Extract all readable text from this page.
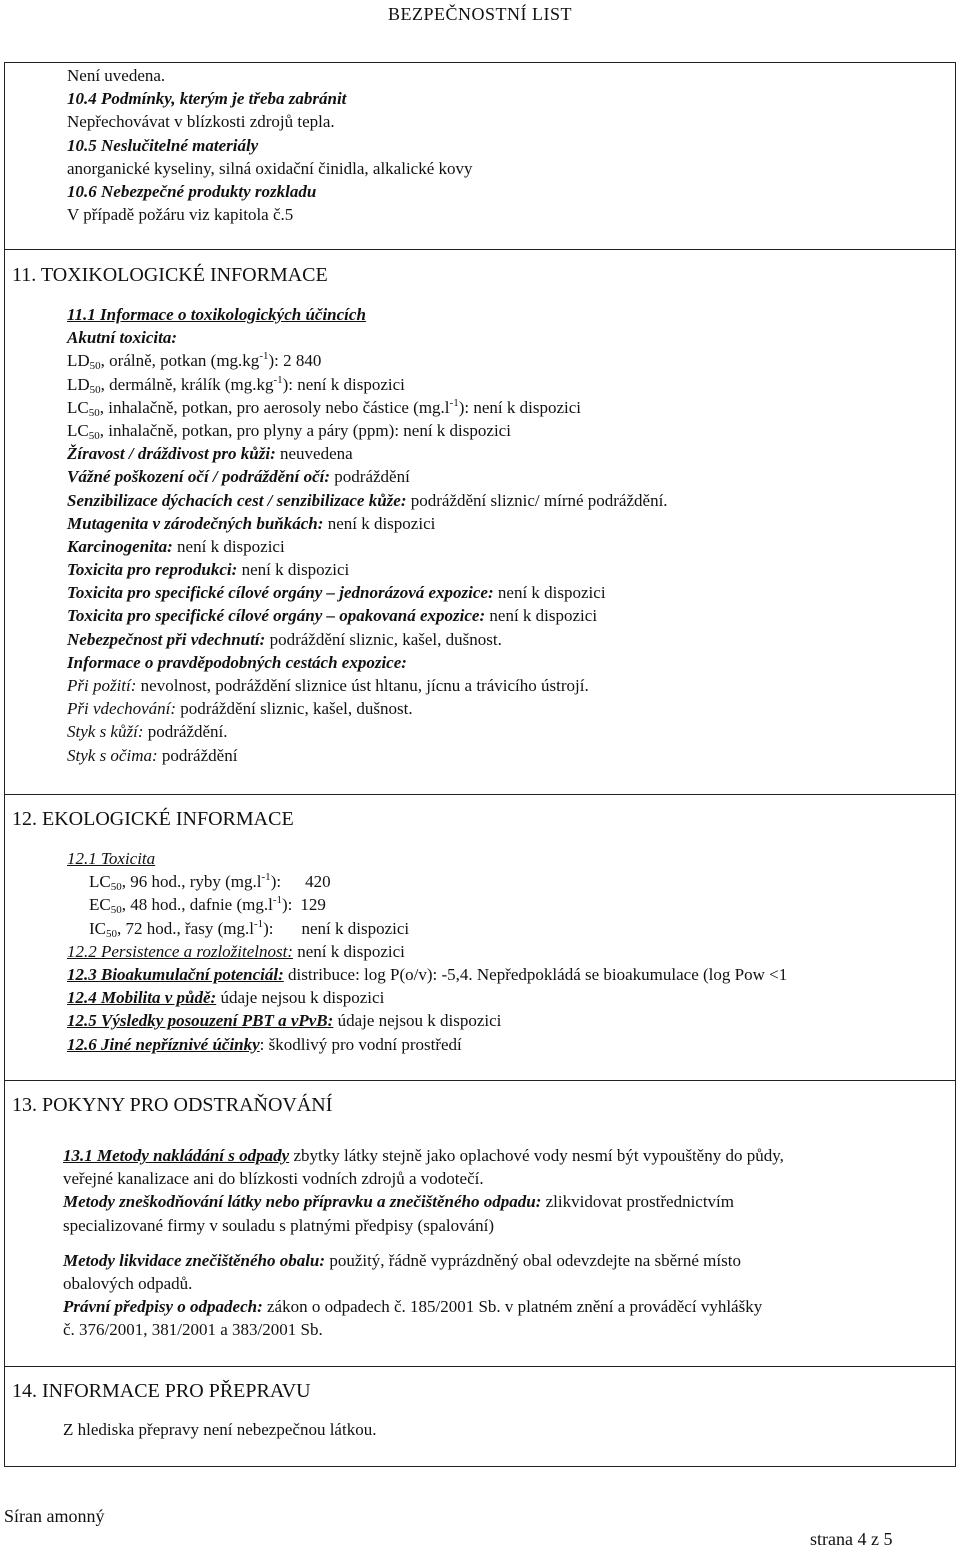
BEZPEČNOSTNÍ LIST
Není uvedena.
10.4 Podmínky, kterým je třeba zabránit
Nepřechovávat v blízkosti zdrojů tepla.
10.5 Neslučitelné materiály
anorganické kyseliny, silná oxidační činidla, alkalické kovy
10.6 Nebezpečné produkty rozkladu
V případě požáru viz kapitola č.5
11. TOXIKOLOGICKÉ INFORMACE
11.1 Informace o toxikologických účincích
Akutní toxicita:
$LD_{50}$, orálně, potkan $(mg.kg^{-1})$: 2 840
$LD_{50}$, dermálně, králík $(mg.kg^{-1})$: není k dispozici
$LC_{50}$, inhalačně, potkan, pro aerosoly nebo částice $(mg.l^{-1})$: není k dispozici
$LC_{50}$, inhalačně, potkan, pro plyny a páry (ppm): není k dispozici
Žíravost / dráždivost pro kůži: neuvedena
Vážné poškození očí / podráždění očí: podráždění
Senzibilizace dýchacích cest / senzibilizace kůže: podráždění sliznic/ mírné podráždění.
Mutagenita v zárodečných buňkách: není k dispozici
Karcinogenita: není k dispozici
Toxicita pro reprodukci: není k dispozici
Toxicita pro specifické cílové orgány – jednorázová expozice: není k dispozici
Toxicita pro specifické cílové orgány – opakovaná expozice: není k dispozici
Nebezpečnost při vdechnutí: podráždění sliznic, kašel, dušnost.
Informace o pravděpodobných cestách expozice:
Při požití: nevolnost, podráždění sliznice úst hltanu, jícnu a trávicího ústrojí.
Při vdechování: podráždění sliznic, kašel, dušnost.
Styk s kůží: podráždění.
Styk s očima: podráždění
12. EKOLOGICKÉ INFORMACE
12.1 Toxicita
$LC_{50}$, 96 hod., ryby $(mg.l^{-1})$: 420
$EC_{50}$, 48 hod., dafnie $(mg.l^{-1})$: 129
$IC_{50}$, 72 hod., řasy $(mg.l^{-1})$: není k dispozici
12.2 Persistence a rozložitelnost: není k dispozici
12.3 Bioakumulační potenciál: distribuce: log P(o/v): -5,4. Nepředpokládá se bioakumulace (log Pow <1
12.4 Mobilita v půdě: údaje nejsou k dispozici
12.5 Výsledky posouzení PBT a vPvB: údaje nejsou k dispozici
12.6 Jiné nepříznivé účinky: škodlivý pro vodní prostředí
13. POKYNY PRO ODSTRAŇOVÁNÍ
13.1 Metody nakládání s odpady zbytky látky stejně jako oplachové vody nesmí být vypouštěny do půdy,
veřejné kanalizace ani do blízkosti vodních zdrojů a vodotečí.
Metody zneškodňování látky nebo přípravku a znečištěného odpadu: zlikvidovat prostřednictvím
specializované firmy v souladu s platnými předpisy (spalování)
Metody likvidace znečištěného obalu: použitý, řádně vyprázdněný obal odevzdejte na sběrné místo
obalových odpadů.
Právní předpisy o odpadech: zákon o odpadech č. 185/2001 Sb. v platném znění a prováděcí vyhlášky
č. 376/2001, 381/2001 a 383/2001 Sb.
14. INFORMACE PRO PŘEPRAVU
Z hlediska přepravy není nebezpečnou látkou.
Síran amonný
strana 4 z 5
